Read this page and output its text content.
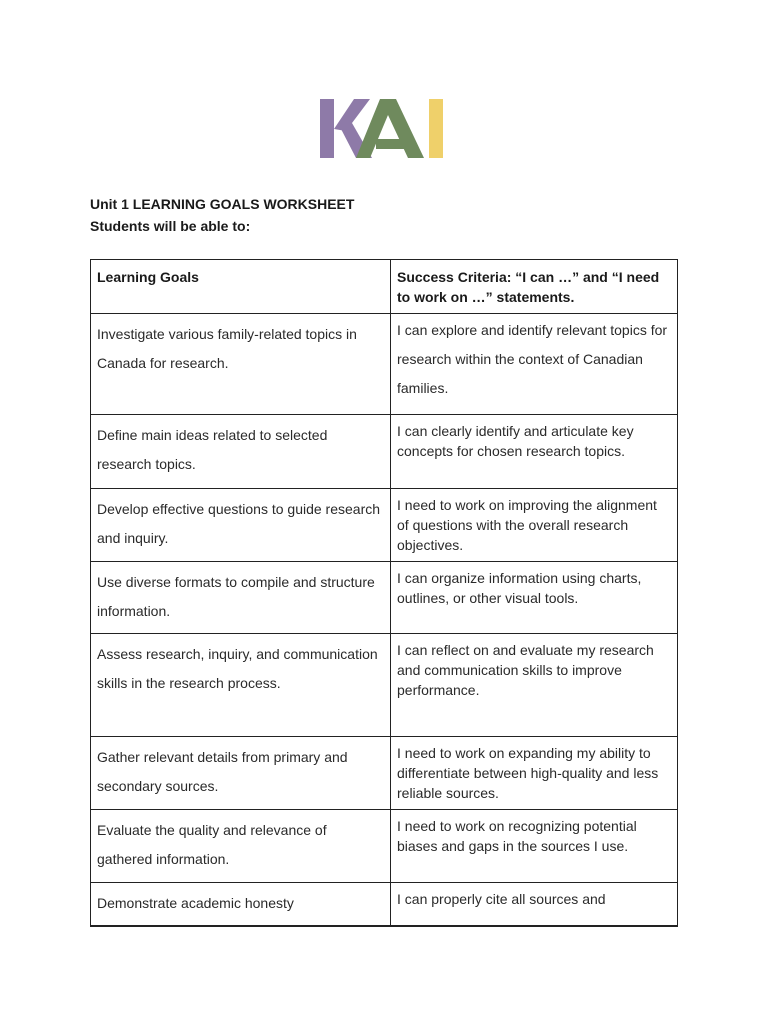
Unit 1 LEARNING GOALS WORKSHEET
Students will be able to:
Learning Goals	Success Criteria: “I can …” and “I need to work on …” statements.
Investigate various family-related topics in Canada for research.	I can explore and identify relevant topics for research within the context of Canadian families.
Define main ideas related to selected research topics.	I can clearly identify and articulate key concepts for chosen research topics.
Develop effective questions to guide research and inquiry.	I need to work on improving the alignment of questions with the overall research objectives.
Use diverse formats to compile and structure information.	I can organize information using charts, outlines, or other visual tools.
Assess research, inquiry, and communication skills in the research process.	I can reflect on and evaluate my research and communication skills to improve performance.
Gather relevant details from primary and secondary sources.	I need to work on expanding my ability to differentiate between high-quality and less reliable sources.
Evaluate the quality and relevance of gathered information.	I need to work on recognizing potential biases and gaps in the sources I use.
Demonstrate academic honesty	I can properly cite all sources and
